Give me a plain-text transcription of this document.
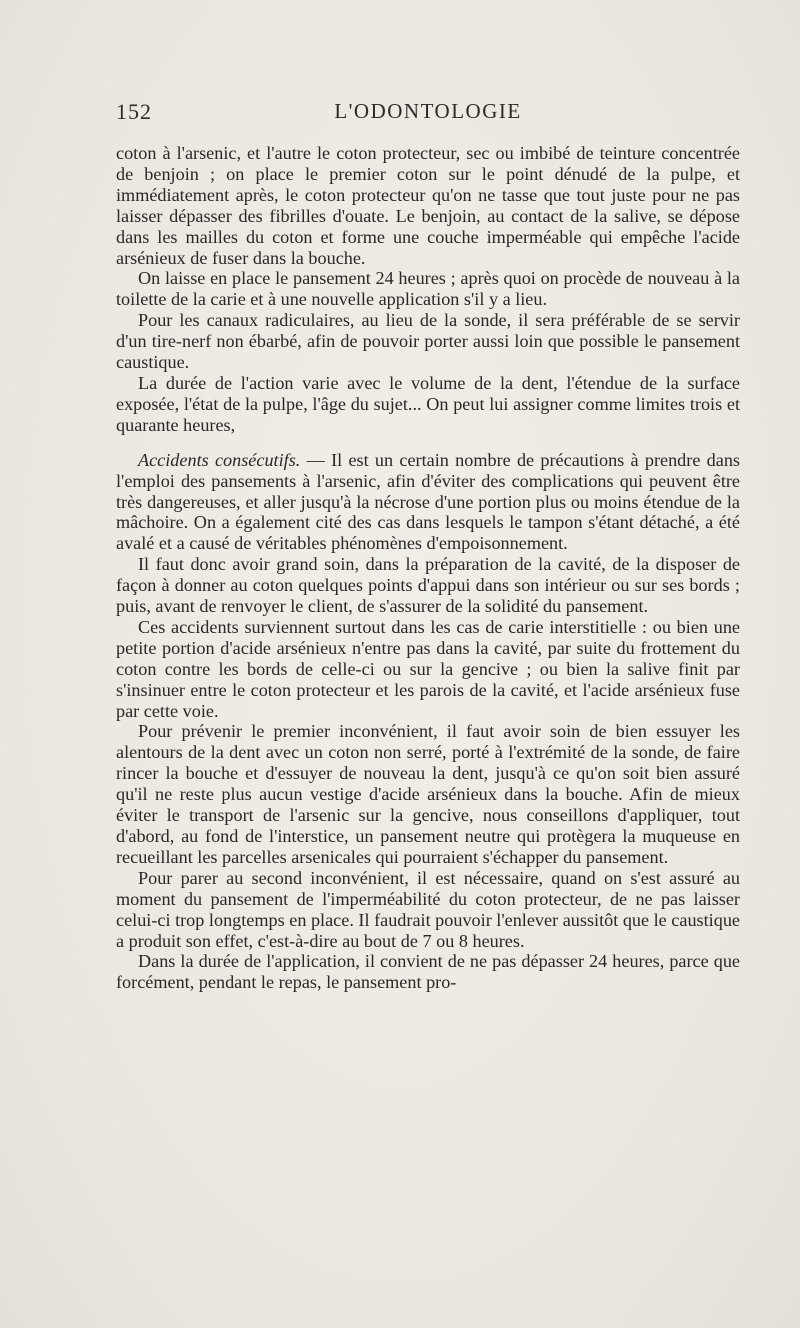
152	L'ODONTOLOGIE

coton à l'arsenic, et l'autre le coton protecteur, sec ou imbibé de teinture concentrée de benjoin ; on place le premier coton sur le point dénudé de la pulpe, et immédiatement après, le coton protecteur qu'on ne tasse que tout juste pour ne pas laisser dépasser des fibrilles d'ouate. Le benjoin, au contact de la salive, se dépose dans les mailles du coton et forme une couche imperméable qui empêche l'acide arsénieux de fuser dans la bouche.

On laisse en place le pansement 24 heures ; après quoi on procède de nouveau à la toilette de la carie et à une nouvelle application s'il y a lieu.

Pour les canaux radiculaires, au lieu de la sonde, il sera préférable de se servir d'un tire-nerf non ébarbé, afin de pouvoir porter aussi loin que possible le pansement caustique.

La durée de l'action varie avec le volume de la dent, l'étendue de la surface exposée, l'état de la pulpe, l'âge du sujet... On peut lui assigner comme limites trois et quarante heures,

Accidents consécutifs. — Il est un certain nombre de précautions à prendre dans l'emploi des pansements à l'arsenic, afin d'éviter des complications qui peuvent être très dangereuses, et aller jusqu'à la nécrose d'une portion plus ou moins étendue de la mâchoire. On a également cité des cas dans lesquels le tampon s'étant détaché, a été avalé et a causé de véritables phénomènes d'empoisonnement.

Il faut donc avoir grand soin, dans la préparation de la cavité, de la disposer de façon à donner au coton quelques points d'appui dans son intérieur ou sur ses bords ; puis, avant de renvoyer le client, de s'assurer de la solidité du pansement.

Ces accidents surviennent surtout dans les cas de carie interstitielle : ou bien une petite portion d'acide arsénieux n'entre pas dans la cavité, par suite du frottement du coton contre les bords de celle-ci ou sur la gencive ; ou bien la salive finit par s'insinuer entre le coton protecteur et les parois de la cavité, et l'acide arsénieux fuse par cette voie.

Pour prévenir le premier inconvénient, il faut avoir soin de bien essuyer les alentours de la dent avec un coton non serré, porté à l'extrémité de la sonde, de faire rincer la bouche et d'essuyer de nouveau la dent, jusqu'à ce qu'on soit bien assuré qu'il ne reste plus aucun vestige d'acide arsénieux dans la bouche. Afin de mieux éviter le transport de l'arsenic sur la gencive, nous conseillons d'appliquer, tout d'abord, au fond de l'interstice, un pansement neutre qui protègera la muqueuse en recueillant les parcelles arsenicales qui pourraient s'échapper du pansement.

Pour parer au second inconvénient, il est nécessaire, quand on s'est assuré au moment du pansement de l'imperméabilité du coton protecteur, de ne pas laisser celui-ci trop longtemps en place. Il faudrait pouvoir l'enlever aussitôt que le caustique a produit son effet, c'est-à-dire au bout de 7 ou 8 heures.

Dans la durée de l'application, il convient de ne pas dépasser 24 heures, parce que forcément, pendant le repas, le pansement pro-
